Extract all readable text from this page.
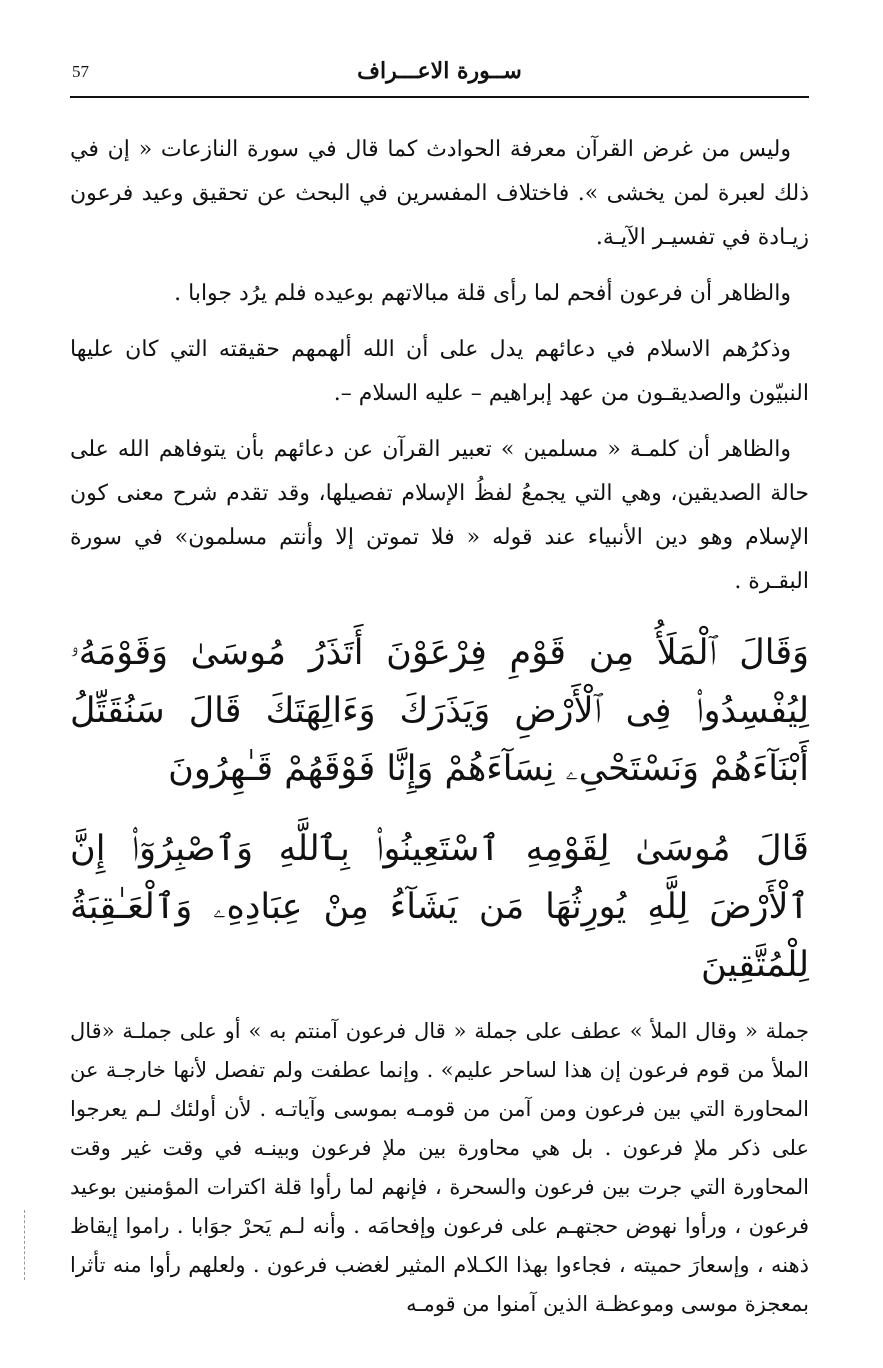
57	ســورة الاعـــراف

وليس من غرض القرآن معرفة الحوادث كما قال في سورة النازعات « إن في ذلك لعبرة لمن يخشى ». فاختلاف المفسرين في البحث عن تحقيق وعيد فرعون زيـادة في تفسيـر الآيـة.

والظاهر أن فرعون أفحم لما رأى قلة مبالاتهم بوعيده فلم يرُد جوابا .

وذكرُهم الاسلام في دعائهم يدل على أن الله ألهمهم حقيقته التي كان عليها النبيّون والصديقـون من عهد إبراهيم – عليه السلام –.

والظاهر أن كلمـة « مسلمين » تعبير القرآن عن دعائهم بأن يتوفاهم الله على حالة الصديقين، وهي التي يجمعُ لفظُ الإسلام تفصيلها، وقد تقدم شرح معنى كون الإسلام وهو دين الأنبياء عند قوله « فلا تموتن إلا وأنتم مسلمون» في سورة البقـرة .

وَقَالَ ٱلْمَلَأُ مِن قَوْمِ فِرْعَوْنَ أَتَذَرُ مُوسَىٰ وَقَوْمَهُۥ لِيُفْسِدُوا۟ فِى ٱلْأَرْضِ وَيَذَرَكَ وَءَالِهَتَكَ قَالَ سَنُقَتِّلُ أَبْنَآءَهُمْ وَنَسْتَحْىِۦ نِسَآءَهُمْ وَإِنَّا فَوْقَهُمْ قَـٰهِرُونَ

قَالَ مُوسَىٰ لِقَوْمِهِ ٱسْتَعِينُوا۟ بِٱللَّهِ وَٱصْبِرُوٓا۟ إِنَّ ٱلْأَرْضَ لِلَّهِ يُورِثُهَا مَن يَشَآءُ مِنْ عِبَادِهِۦ وَٱلْعَـٰقِبَةُ لِلْمُتَّقِينَ

جملة « وقال الملأ » عطف على جملة « قال فرعون آمنتم به » أو على جملـة «قال الملأ من قوم فرعون إن هذا لساحر عليم» . وإنما عطفت ولم تفصل لأنها خارجـة عن المحاورة التي بين فرعون ومن آمن من قومـه بموسى وآياتـه . لأن أولئك لـم يعرجوا على ذكر ملإ فرعون . بل هي محاورة بين ملإ فرعون وبينـه في وقت غير وقت المحاورة التي جرت بين فرعون والسحرة ، فإنهم لما رأوا قلة اكترات المؤمنين بوعيد فرعون ، ورأوا نهوض حجتهـم على فرعون وإفحامَه . وأنه لـم يَحرْ جوَابا . راموا إيقاظ ذهنه ، وإسعارَ حميته ، فجاءوا بهذا الكـلام المثير لغضب فرعون . ولعلهم رأوا منه تأثرا بمعجزة موسى وموعظـة الذين آمنوا من قومـه
